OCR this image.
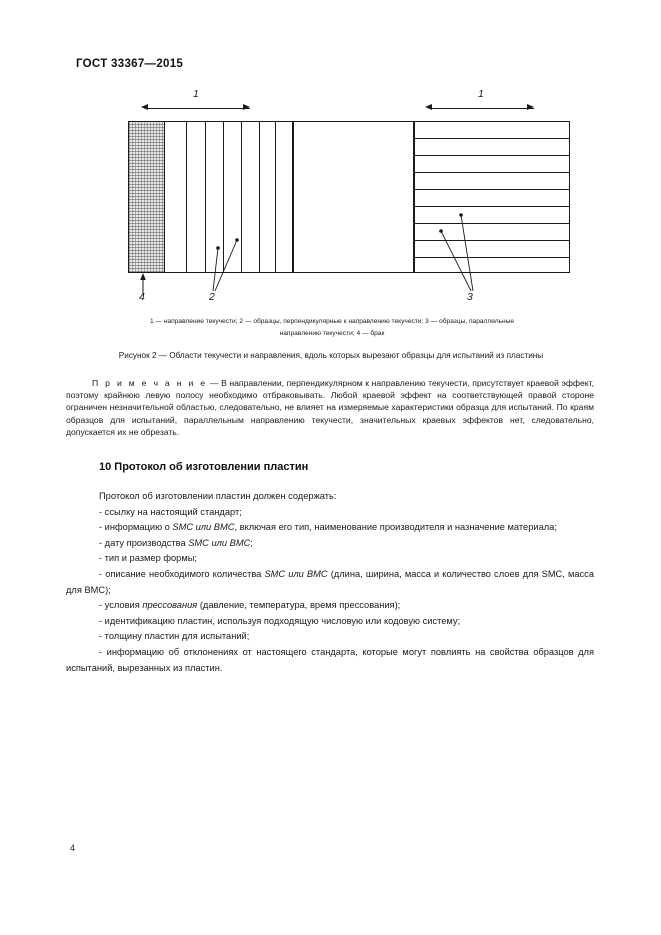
ГОСТ 33367—2015
1	1
4	2	3
1 — направление текучести; 2 — образцы, перпендикулярные к направлению текучести; 3 — образцы, параллельные
направлению текучести; 4 — брак
Рисунок 2 — Области текучести и направления, вдоль которых вырезают образцы для испытаний из пластины

П р и м е ч а н и е — В направлении, перпендикулярном к направлению текучести, присутствует краевой эффект, поэтому крайнюю левую полосу необходимо отбраковывать. Любой краевой эффект на соответствующей правой стороне ограничен незначительной областью, следовательно, не влияет на измеряемые характеристики образца для испытаний. По краям образцов для испытаний, параллельным направлению текучести, значительных краевых эффектов нет, следовательно, допускается их не обрезать.

10 Протокол об изготовлении пластин

Протокол об изготовлении пластин должен содержать:

- ссылку на настоящий стандарт;

- информацию о SMC или BMC, включая его тип, наименование производителя и назначение материала;

- дату производства SMC или BMC;

- тип и размер формы;

- описание необходимого количества SMC или BMC (длина, ширина, масса и количество слоев для SMC, масса для BMC);

- условия прессования (давление, температура, время прессования);

- идентификацию пластин, используя подходящую числовую или кодовую систему;

- толщину пластин для испытаний;

- информацию об отклонениях от настоящего стандарта, которые могут повлиять на свойства образцов для испытаний, вырезанных из пластин.

4
